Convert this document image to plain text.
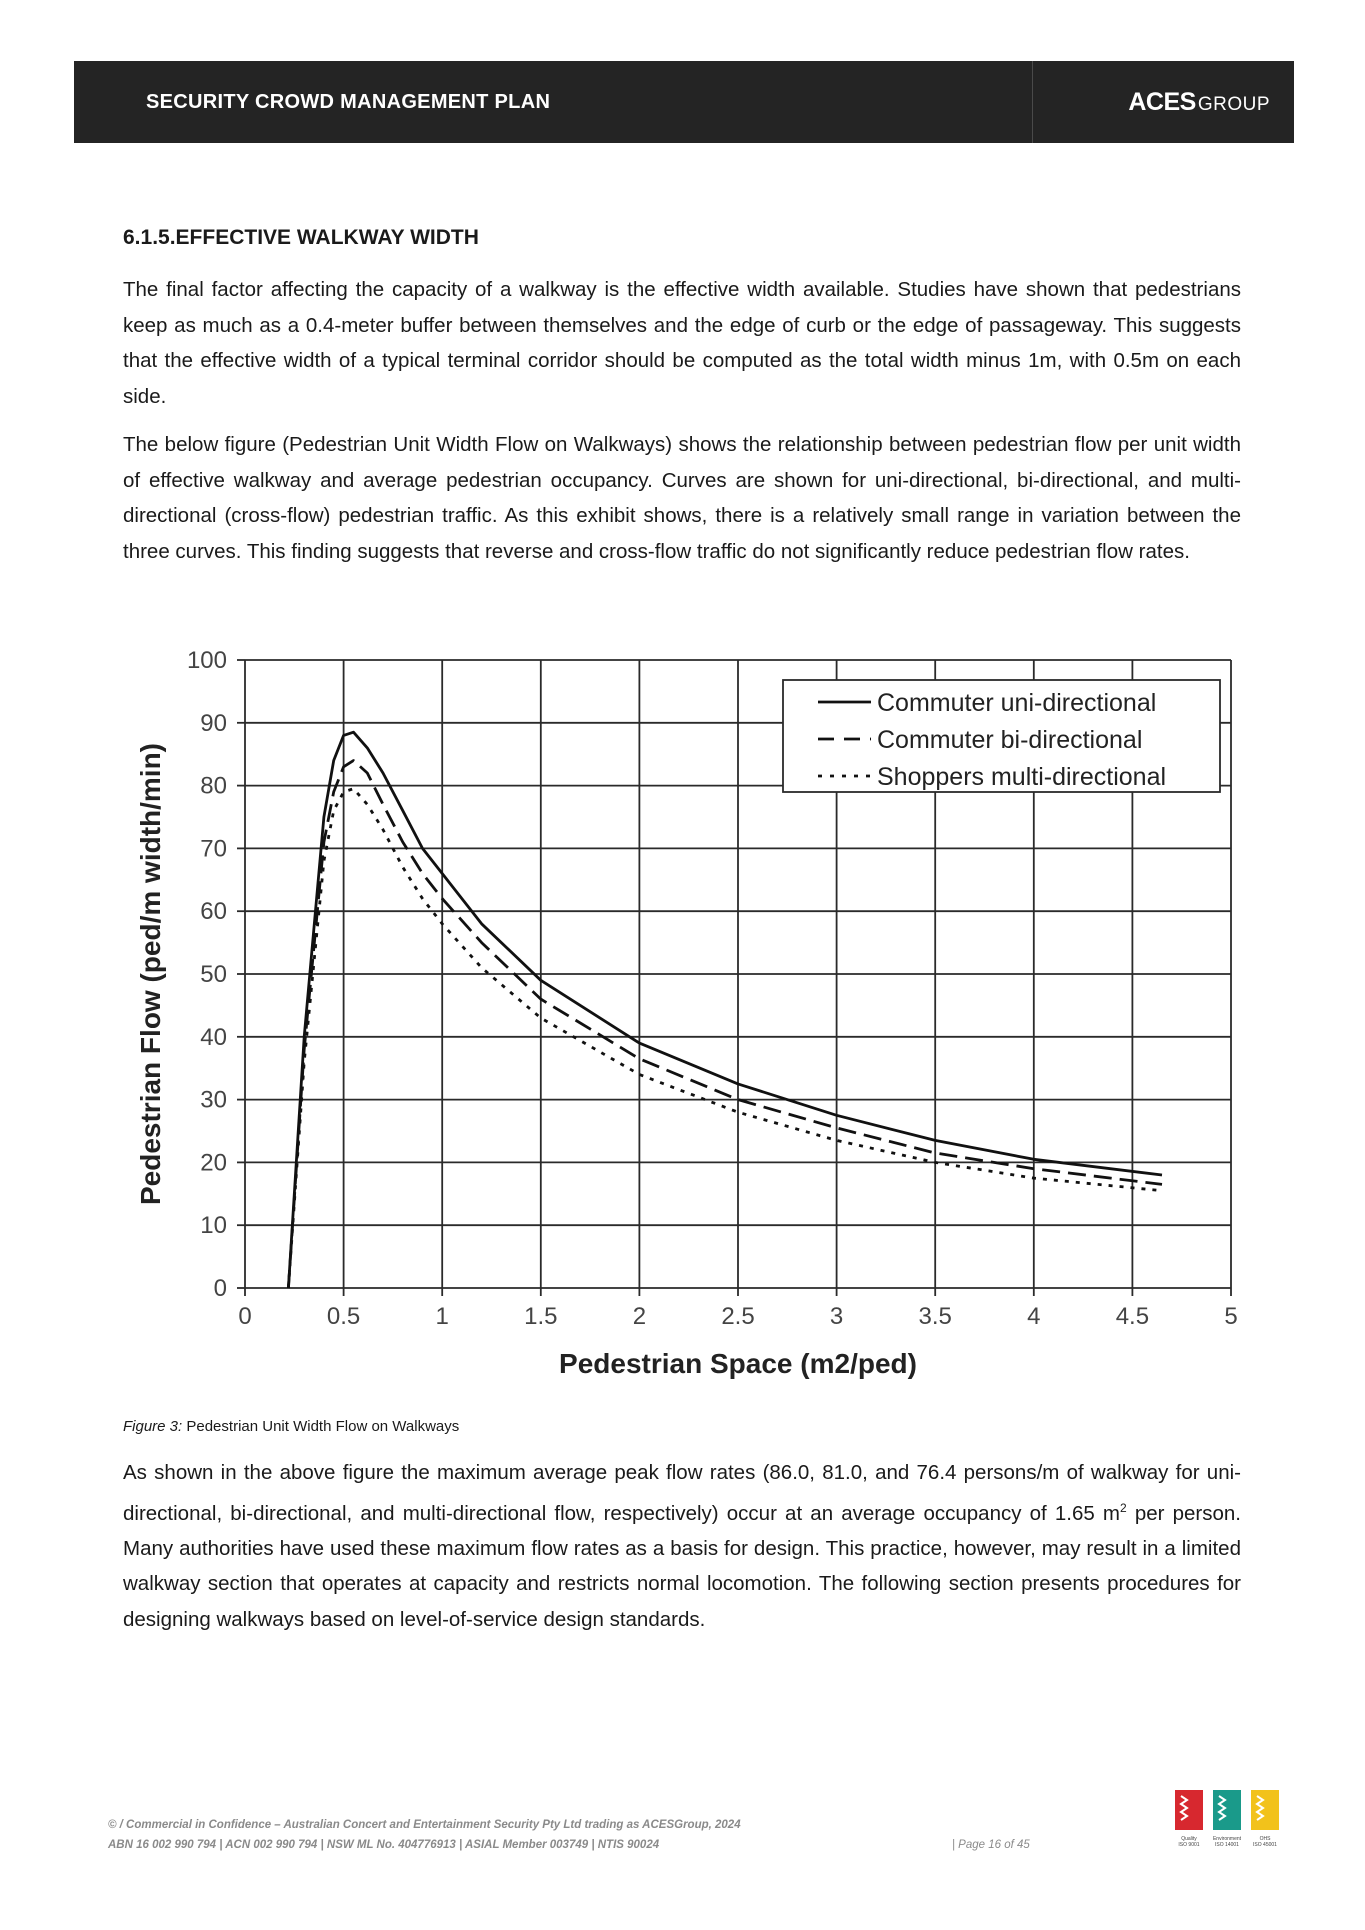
SECURITY CROWD MANAGEMENT PLAN	ACES GROUP
6.1.5.EFFECTIVE WALKWAY WIDTH

The final factor affecting the capacity of a walkway is the effective width available. Studies have shown that pedestrians keep as much as a 0.4-meter buffer between themselves and the edge of curb or the edge of passageway. This suggests that the effective width of a typical terminal corridor should be computed as the total width minus 1m, with 0.5m on each side.

The below figure (Pedestrian Unit Width Flow on Walkways) shows the relationship between pedestrian flow per unit width of effective walkway and average pedestrian occupancy. Curves are shown for uni-directional, bi-directional, and multi-directional (cross-flow) pedestrian traffic. As this exhibit shows, there is a relatively small range in variation between the three curves. This finding suggests that reverse and cross-flow traffic do not significantly reduce pedestrian flow rates.

0	0.5	1	1.5	2	2.5	3	3.5	4	4.5	5
0
10
20
30
40
50
60
70
80
90
100
Pedestrian Space (m2/ped)
Pedestrian Flow (ped/m width/min)
Commuter uni-directional
Commuter bi-directional
Shoppers multi-directional
Figure 3: Pedestrian Unit Width Flow on Walkways

As shown in the above figure the maximum average peak flow rates (86.0, 81.0, and 76.4 persons/m of walkway for uni-directional, bi-directional, and multi-directional flow, respectively) occur at an average occupancy of 1.65 $m^2$ per person. Many authorities have used these maximum flow rates as a basis for design. This practice, however, may result in a limited walkway section that operates at capacity and restricts normal locomotion. The following section presents procedures for designing walkways based on level-of-service design standards.

© / Commercial in Confidence – Australian Concert and Entertainment Security Pty Ltd trading as ACESGroup, 2024
ABN 16 002 990 794 | ACN 002 990 794 | NSW ML No. 404776913 | ASIAL Member 003749 | NTIS 90024	| Page 16 of 45	Quality
ISO 9001
Environment
ISO 14001
OHS
ISO 45001
